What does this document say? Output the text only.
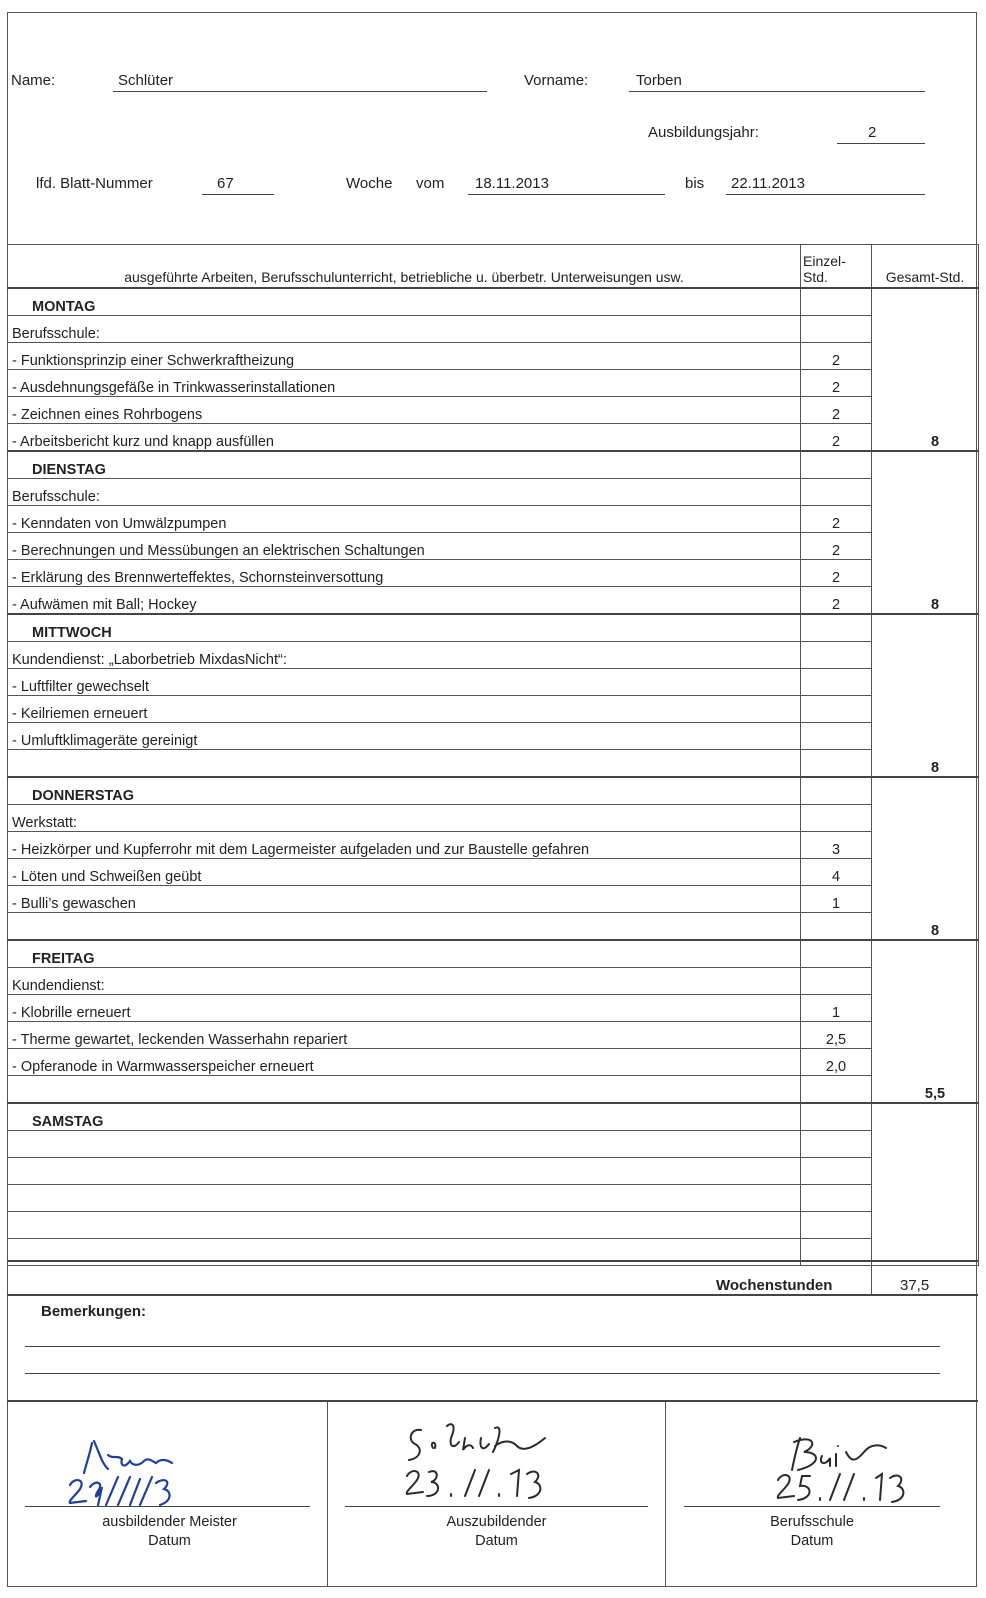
Name:	Schlüter	Vorname:	Torben
Ausbildungsjahr:	2
lfd. Blatt-Nummer	67	Woche vom 18.11.2013	bis 22.11.2013
ausgeführte Arbeiten, Berufsschulunterricht, betriebliche u. überbetr. Unterweisungen usw.	Einzel-
Std.	Gesamt-Std.
MONTAG		8
Berufsschule:		
- Funktionsprinzip einer Schwerkraftheizung	2	
- Ausdehnungsgefäße in Trinkwasserinstallationen	2	
- Zeichnen eines Rohrbogens	2	
- Arbeitsbericht kurz und knapp ausfüllen	2	
DIENSTAG		8
Berufsschule:		
- Kenndaten von Umwälzpumpen	2	
- Berechnungen und Messübungen an elektrischen Schaltungen	2	
- Erklärung des Brennwerteffektes, Schornsteinversottung	2	
- Aufwämen mit Ball; Hockey	2	
MITTWOCH		8
Kundendienst: „Laborbetrieb MixdasNicht“:		
- Luftfilter gewechselt		
- Keilriemen erneuert		
- Umluftklimageräte gereinigt		

DONNERSTAG		8
Werkstatt:		
- Heizkörper und Kupferrohr mit dem Lagermeister aufgeladen und zur Baustelle gefahren	3	
- Löten und Schweißen geübt	4	
- Bulli’s gewaschen	1	

FREITAG		5,5
Kundendienst:		
- Klobrille erneuert	1	
- Therme gewartet, leckenden Wasserhahn repariert	2,5	
- Opferanode in Warmwasserspeicher erneuert	2,0	

SAMSTAG		

Wochenstunden	37,5
Bemerkungen:
ausbildender Meister
Datum
Auszubildender
Datum
Berufsschule
Datum
